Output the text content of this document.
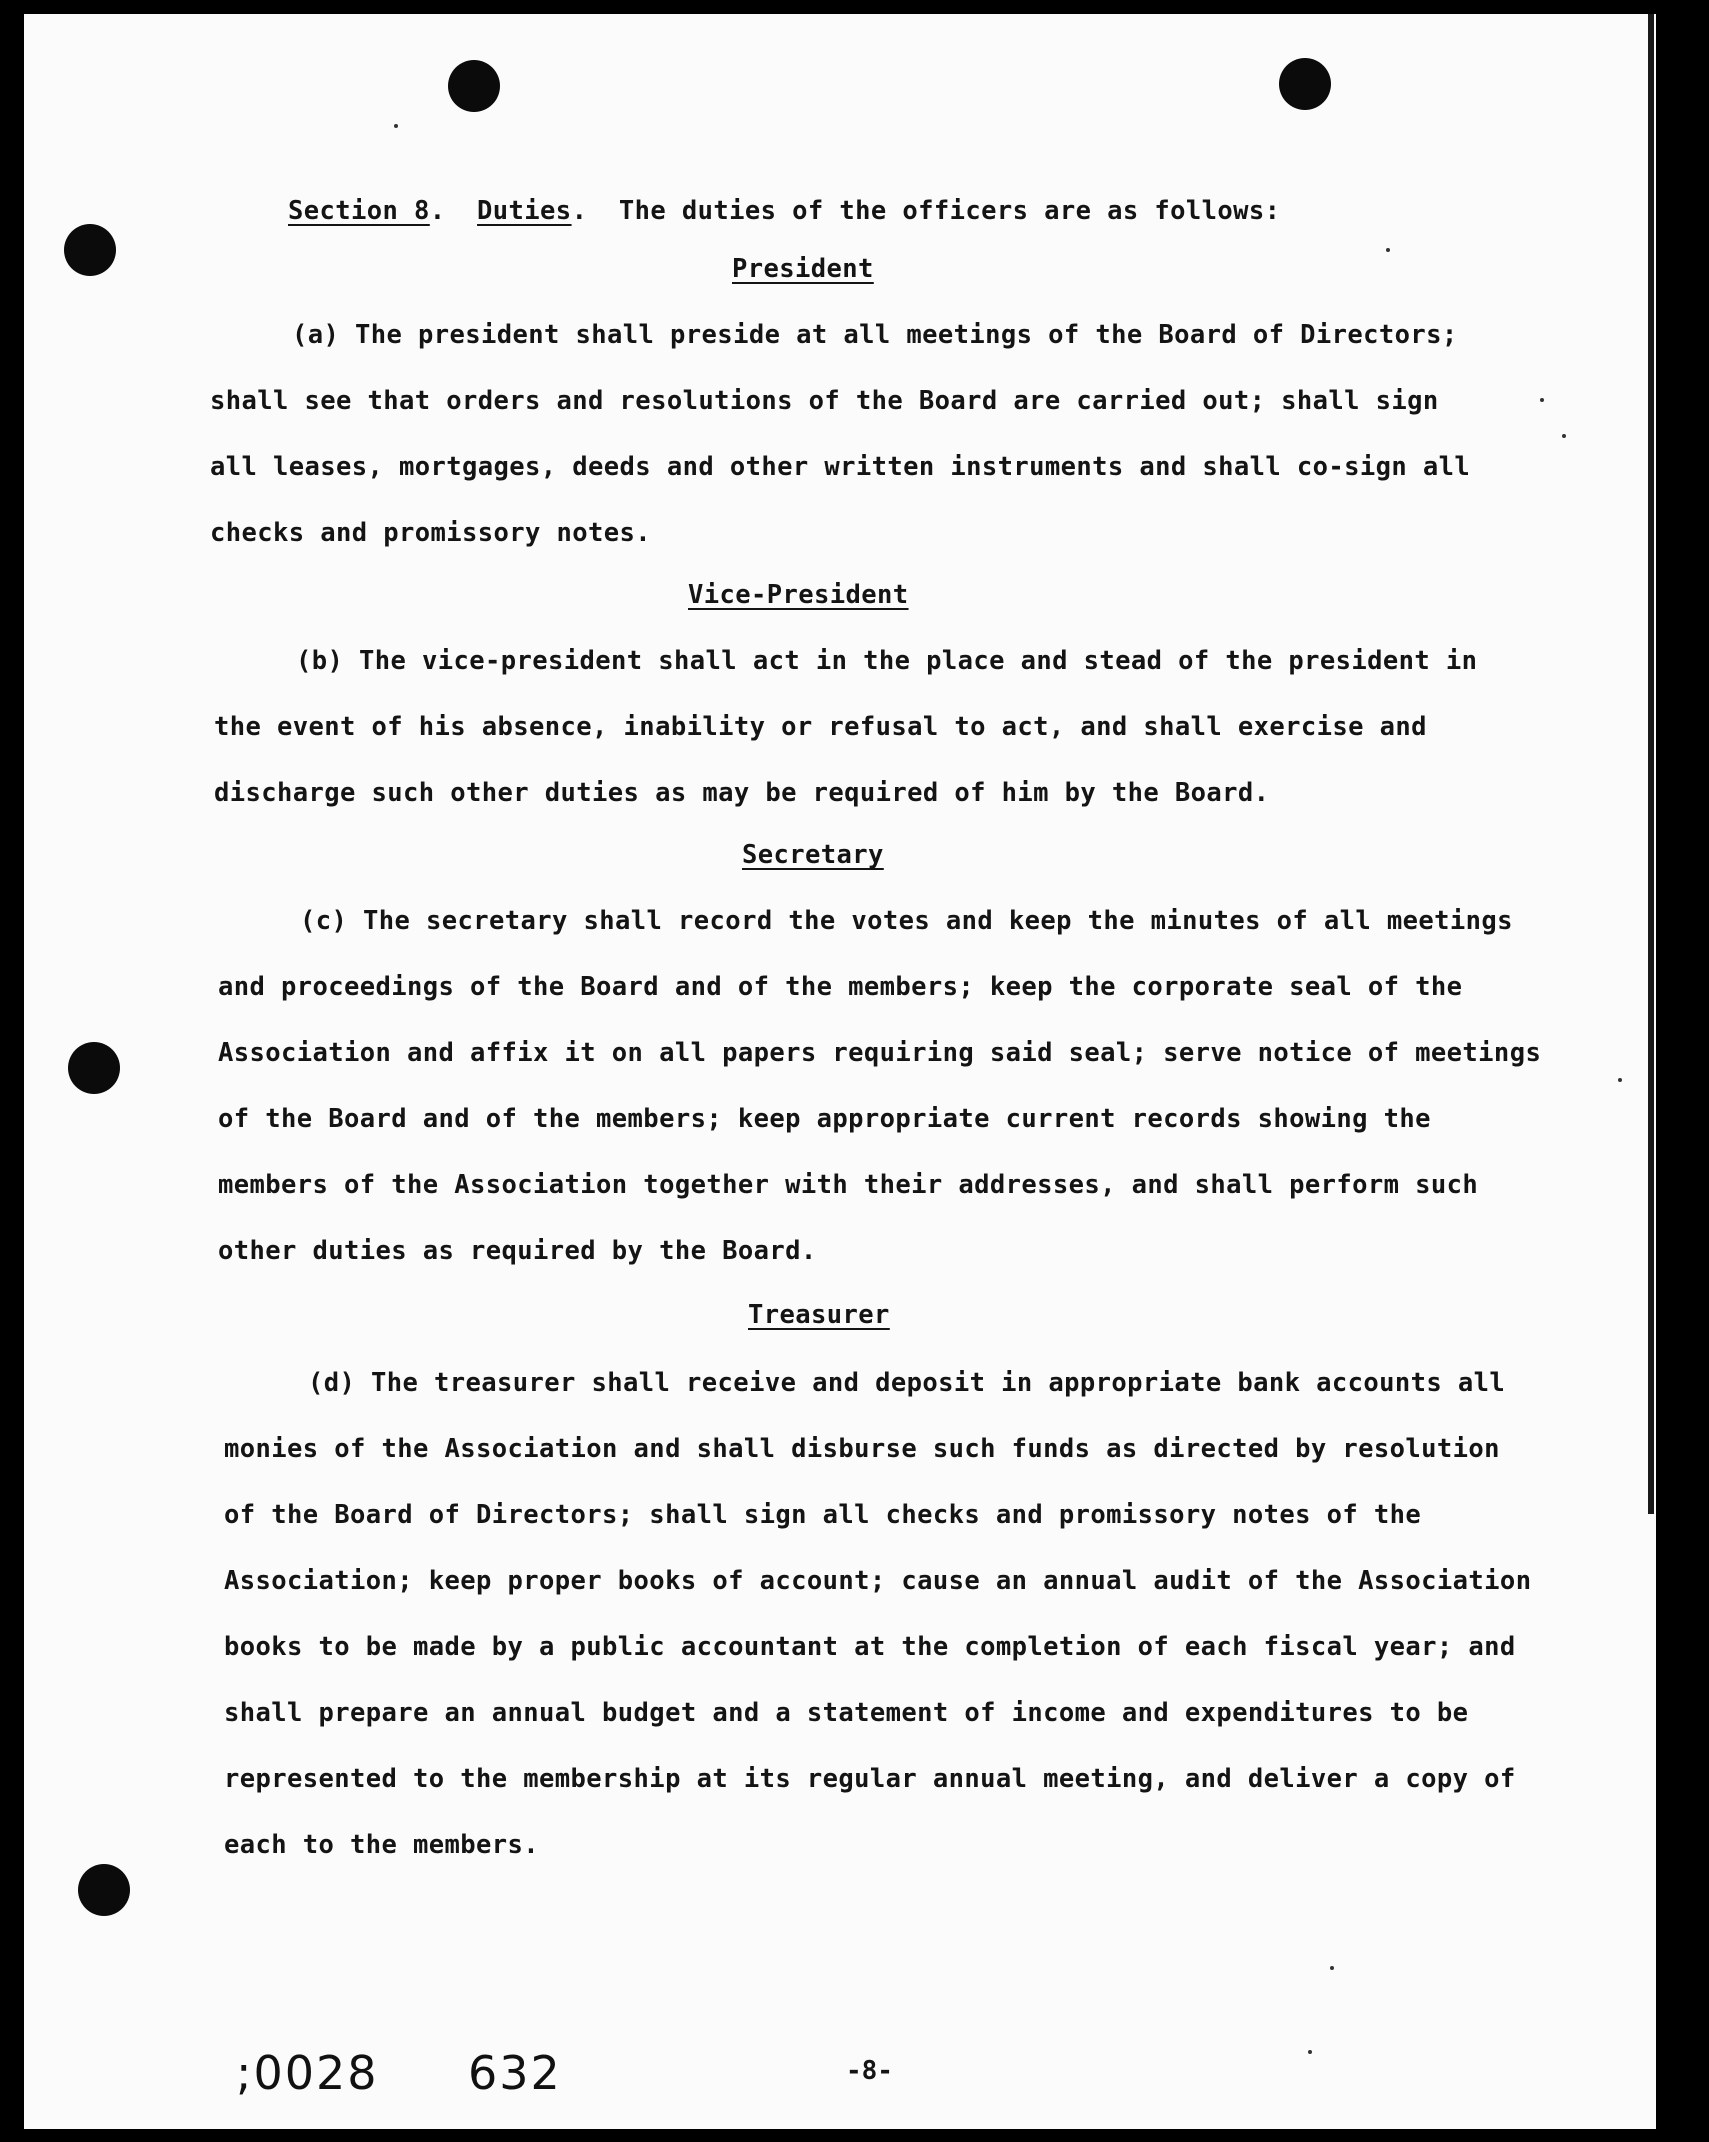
Section 8.  Duties.  The duties of the officers are as follows:
President
(a) The president shall preside at all meetings of the Board of Directors;
shall see that orders and resolutions of the Board are carried out; shall sign
all leases, mortgages, deeds and other written instruments and shall co-sign all
checks and promissory notes.
Vice-President
(b) The vice-president shall act in the place and stead of the president in
the event of his absence, inability or refusal to act, and shall exercise and
discharge such other duties as may be required of him by the Board.
Secretary
(c) The secretary shall record the votes and keep the minutes of all meetings
and proceedings of the Board and of the members; keep the corporate seal of the
Association and affix it on all papers requiring said seal; serve notice of meetings
of the Board and of the members; keep appropriate current records showing the
members of the Association together with their addresses, and shall perform such
other duties as required by the Board.
Treasurer
(d) The treasurer shall receive and deposit in appropriate bank accounts all
monies of the Association and shall disburse such funds as directed by resolution
of the Board of Directors; shall sign all checks and promissory notes of the
Association; keep proper books of account; cause an annual audit of the Association
books to be made by a public accountant at the completion of each fiscal year; and
shall prepare an annual budget and a statement of income and expenditures to be
represented to the membership at its regular annual meeting, and deliver a copy of
each to the members.
;0028 632	-8-
